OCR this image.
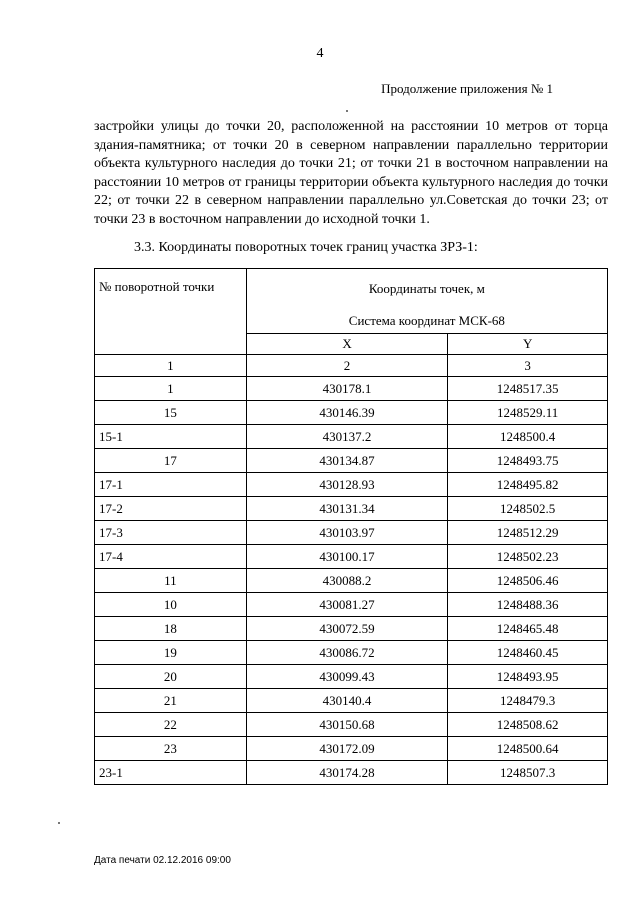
4
Продолжение приложения № 1
застройки улицы до точки 20, расположенной на расстоянии 10 метров от торца здания-памятника; от точки 20 в северном направлении параллельно территории объекта культурного наследия до точки 21; от точки 21 в восточном направлении на расстоянии 10 метров от границы территории объекта культурного наследия до точки 22; от точки 22 в северном направлении параллельно ул.Советская до точки 23; от точки 23 в восточном направлении до исходной точки 1.
3.3. Координаты поворотных точек границ участка ЗРЗ-1:
№ поворотной точки	Координаты точек, м	
	Система координат МСК-68	
	X	Y
1	2	3
1	430178.1	1248517.35
15	430146.39	1248529.11
15-1	430137.2	1248500.4
17	430134.87	1248493.75
17-1	430128.93	1248495.82
17-2	430131.34	1248502.5
17-3	430103.97	1248512.29
17-4	430100.17	1248502.23
11	430088.2	1248506.46
10	430081.27	1248488.36
18	430072.59	1248465.48
19	430086.72	1248460.45
20	430099.43	1248493.95
21	430140.4	1248479.3
22	430150.68	1248508.62
23	430172.09	1248500.64
23-1	430174.28	1248507.3
Дата печати 02.12.2016 09:00
